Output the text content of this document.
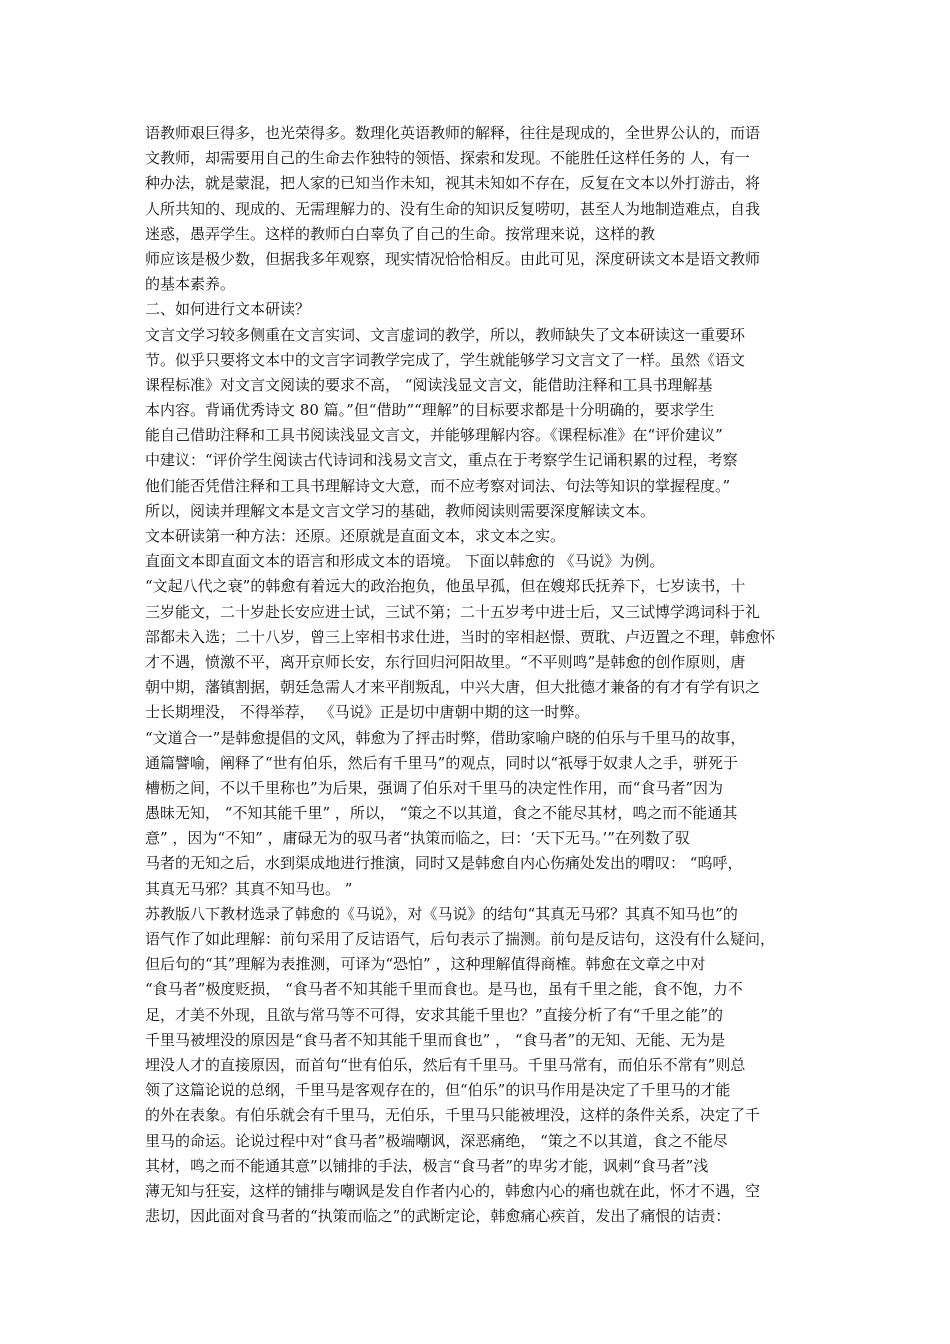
语教师艰巨得多，也光荣得多。数理化英语教师的解释，往往是现成的，全世界公认的，而语
文教师，却需要用自己的生命去作独特的领悟、探索和发现。不能胜任这样任务的 人，有一
种办法，就是蒙混，把人家的已知当作未知，视其未知如不存在，反复在文本以外打游击，将
人所共知的、现成的、无需理解力的、没有生命的知识反复唠叨，甚至人为地制造难点，自我
迷惑，愚弄学生。这样的教师白白辜负了自己的生命。按常理来说，这样的教
师应该是极少数，但据我多年观察，现实情况恰恰相反。由此可见，深度研读文本是语文教师
的基本素养。
二、如何进行文本研读？
文言文学习较多侧重在文言实词、文言虚词的教学，所以，教师缺失了文本研读这一重要环
节。似乎只要将文本中的文言字词教学完成了，学生就能够学习文言文了一样。虽然《语文
课程标准》对文言文阅读的要求不高， “阅读浅显文言文，能借助注释和工具书理解基
本内容。背诵优秀诗文 80 篇。”但“借助”“理解”的目标要求都是十分明确的，要求学生
能自己借助注释和工具书阅读浅显文言文，并能够理解内容。《课程标准》在“评价建议”
中建议：“评价学生阅读古代诗词和浅易文言文，重点在于考察学生记诵积累的过程，考察
他们能否凭借注释和工具书理解诗文大意，而不应考察对词法、句法等知识的掌握程度。”
所以，阅读并理解文本是文言文学习的基础，教师阅读则需要深度解读文本。
文本研读第一种方法：还原。还原就是直面文本，求文本之实。
直面文本即直面文本的语言和形成文本的语境。 下面以韩愈的 《马说》为例。
“文起八代之衰”的韩愈有着远大的政治抱负，他虽早孤，但在嫂郑氏抚养下，七岁读书，十
三岁能文，二十岁赴长安应进士试，三试不第；二十五岁考中进士后，又三试博学鸿词科于礼
部都未入选；二十八岁，曾三上宰相书求仕进，当时的宰相赵憬、贾耽、卢迈置之不理，韩愈怀
才不遇，愤激不平，离开京师长安，东行回归河阳故里。“不平则鸣”是韩愈的创作原则，唐
朝中期，藩镇割据，朝廷急需人才来平削叛乱，中兴大唐，但大批德才兼备的有才有学有识之
士长期埋没， 不得举荐， 《马说》正是切中唐朝中期的这一时弊。
“文道合一”是韩愈提倡的文风，韩愈为了抨击时弊，借助家喻户晓的伯乐与千里马的故事，
通篇譬喻，阐释了“世有伯乐，然后有千里马”的观点，同时以“祇辱于奴隶人之手，骈死于
槽枥之间，不以千里称也”为后果，强调了伯乐对千里马的决定性作用，而“食马者”因为
愚昧无知， “不知其能千里” ，所以， “策之不以其道，食之不能尽其材，鸣之而不能通其
意” ，因为“不知” ，庸碌无为的驭马者“执策而临之，曰：‘天下无马。’”在列数了驭
马者的无知之后，水到渠成地进行推演，同时又是韩愈自内心伤痛处发出的喟叹： “呜呼，
其真无马邪？其真不知马也。 ”
苏教版八下教材选录了韩愈的《马说》，对《马说》的结句“其真无马邪？其真不知马也”的
语气作了如此理解：前句采用了反诘语气，后句表示了揣测。前句是反诘句，这没有什么疑问，
但后句的“其”理解为表推测，可译为“恐怕” ，这种理解值得商榷。韩愈在文章之中对
“食马者”极度贬损， “食马者不知其能千里而食也。是马也，虽有千里之能，食不饱，力不
足，才美不外现，且欲与常马等不可得，安求其能千里也？”直接分析了有“千里之能”的
千里马被埋没的原因是“食马者不知其能千里而食也” ， “食马者”的无知、无能、无为是
埋没人才的直接原因，而首句“世有伯乐，然后有千里马。千里马常有，而伯乐不常有”则总
领了这篇论说的总纲，千里马是客观存在的，但“伯乐”的识马作用是决定了千里马的才能
的外在表象。有伯乐就会有千里马，无伯乐，千里马只能被埋没，这样的条件关系，决定了千
里马的命运。论说过程中对“食马者”极端嘲讽，深恶痛绝， “策之不以其道，食之不能尽
其材，鸣之而不能通其意”以铺排的手法，极言“食马者”的卑劣才能，讽刺“食马者”浅
薄无知与狂妄，这样的铺排与嘲讽是发自作者内心的，韩愈内心的痛也就在此，怀才不遇，空
悲切，因此面对食马者的“执策而临之”的武断定论，韩愈痛心疾首，发出了痛恨的诘责：
